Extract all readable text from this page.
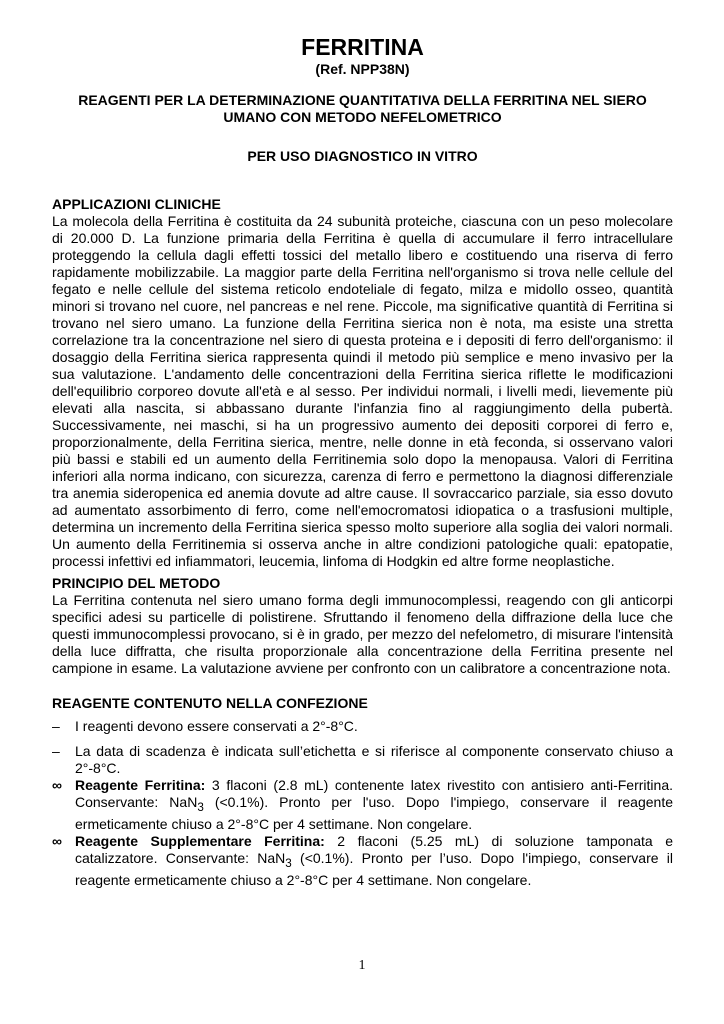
FERRITINA

(Ref. NPP38N)

REAGENTI PER LA DETERMINAZIONE QUANTITATIVA DELLA FERRITINA NEL SIERO UMANO CON METODO NEFELOMETRICO

PER USO DIAGNOSTICO IN VITRO

APPLICAZIONI CLINICHE

La molecola della Ferritina è costituita da 24 subunità proteiche, ciascuna con un peso molecolare di 20.000 D. La funzione primaria della Ferritina è quella di accumulare il ferro intracellulare proteggendo la cellula dagli effetti tossici del metallo libero e costituendo una riserva di ferro rapidamente mobilizzabile. La maggior parte della Ferritina nell'organismo si trova nelle cellule del fegato e nelle cellule del sistema reticolo endoteliale di fegato, milza e midollo osseo, quantità minori si trovano nel cuore, nel pancreas e nel rene. Piccole, ma significative quantità di Ferritina si trovano nel siero umano. La funzione della Ferritina sierica non è nota, ma esiste una stretta correlazione tra la concentrazione nel siero di questa proteina e i depositi di ferro dell'organismo: il dosaggio della Ferritina sierica rappresenta quindi il metodo più semplice e meno invasivo per la sua valutazione. L'andamento delle concentrazioni della Ferritina sierica riflette le modificazioni dell'equilibrio corporeo dovute all'età e al sesso. Per individui normali, i livelli medi, lievemente più elevati alla nascita, si abbassano durante l'infanzia fino al raggiungimento della pubertà. Successivamente, nei maschi, si ha un progressivo aumento dei depositi corporei di ferro e, proporzionalmente, della Ferritina sierica, mentre, nelle donne in età feconda, si osservano valori più bassi e stabili ed un aumento della Ferritinemia solo dopo la menopausa. Valori di Ferritina inferiori alla norma indicano, con sicurezza, carenza di ferro e permettono la diagnosi differenziale tra anemia sideropenica ed anemia dovute ad altre cause. Il sovraccarico parziale, sia esso dovuto ad aumentato assorbimento di ferro, come nell'emocromatosi idiopatica o a trasfusioni multiple, determina un incremento della Ferritina sierica spesso molto superiore alla soglia dei valori normali. Un aumento della Ferritinemia si osserva anche in altre condizioni patologiche quali: epatopatie, processi infettivi ed infiammatori, leucemia, linfoma di Hodgkin ed altre forme neoplastiche.

PRINCIPIO DEL METODO

La Ferritina contenuta nel siero umano forma degli immunocomplessi, reagendo con gli anticorpi specifici adesi su particelle di polistirene. Sfruttando il fenomeno della diffrazione della luce che questi immunocomplessi provocano, si è in grado, per mezzo del nefelometro, di misurare l'intensità della luce diffratta, che risulta proporzionale alla concentrazione della Ferritina presente nel campione in esame. La valutazione avviene per confronto con un calibratore a concentrazione nota.

REAGENTE CONTENUTO NELLA CONFEZIONE
–
I reagenti devono essere conservati a 2°-8°C.
–
La data di scadenza è indicata sull’etichetta e si riferisce al componente conservato chiuso a 2°-8°C.
∞
Reagente Ferritina: 3 flaconi (2.8 mL) contenente latex rivestito con antisiero anti-Ferritina. Conservante: NaN$_3$ (<0.1%). Pronto per l'uso. Dopo l'impiego, conservare il reagente ermeticamente chiuso a 2°-8°C per 4 settimane. Non congelare.
∞
Reagente Supplementare Ferritina: 2 flaconi (5.25 mL) di soluzione tamponata e catalizzatore. Conservante: NaN$_3$ (<0.1%). Pronto per l’uso. Dopo l'impiego, conservare il reagente ermeticamente chiuso a 2°-8°C per 4 settimane. Non congelare.
1
